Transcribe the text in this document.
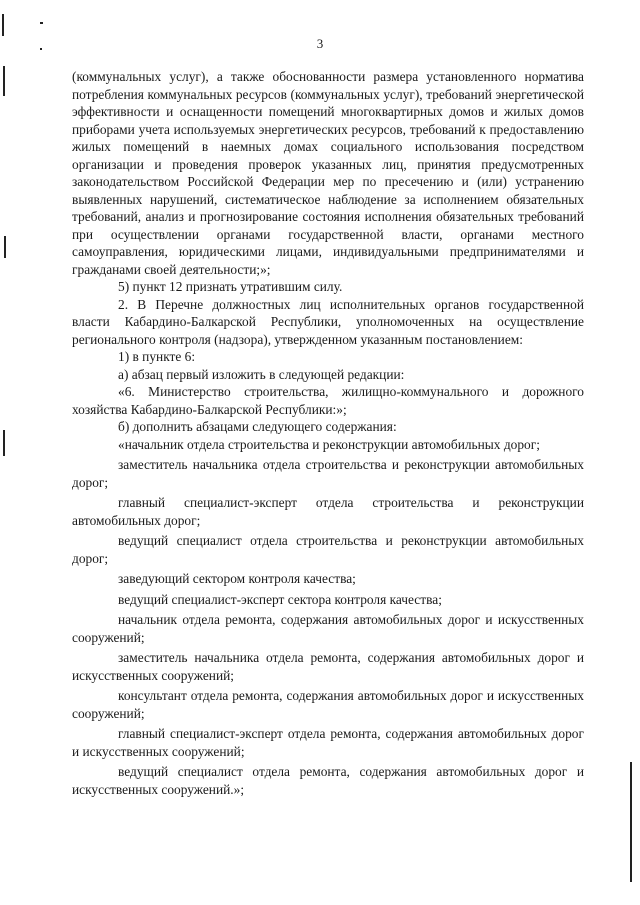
3

(коммунальных услуг), а также обоснованности размера установленного норматива потребления коммунальных ресурсов (коммунальных услуг), требований энергетической эффективности и оснащенности помещений многоквартирных домов и жилых домов приборами учета используемых энергетических ресурсов, требований к предоставлению жилых помещений в наемных домах социального использования посредством организации и проведения проверок указанных лиц, принятия предусмотренных законодательством Российской Федерации мер по пресечению и (или) устранению выявленных нарушений, систематическое наблюдение за исполнением обязательных требований, анализ и прогнозирование состояния исполнения обязательных требований при осуществлении органами государственной власти, органами местного самоуправления, юридическими лицами, индивидуальными предпринимателями и гражданами своей деятельности;»;

5) пункт 12 признать утратившим силу.

2. В Перечне должностных лиц исполнительных органов государственной власти Кабардино-Балкарской Республики, уполномоченных на осуществление регионального контроля (надзора), утвержденном указанным постановлением:

1) в пункте 6:

а) абзац первый изложить в следующей редакции:

«6. Министерство строительства, жилищно-коммунального и дорожного хозяйства Кабардино-Балкарской Республики:»;

б) дополнить абзацами следующего содержания:

«начальник отдела строительства и реконструкции автомобильных дорог;

заместитель начальника отдела строительства и реконструкции автомобильных дорог;

главный специалист-эксперт отдела строительства и реконструкции автомобильных дорог;

ведущий специалист отдела строительства и реконструкции автомобильных дорог;

заведующий сектором контроля качества;

ведущий специалист-эксперт сектора контроля качества;

начальник отдела ремонта, содержания автомобильных дорог и искусственных сооружений;

заместитель начальника отдела ремонта, содержания автомобильных дорог и искусственных сооружений;

консультант отдела ремонта, содержания автомобильных дорог и искусственных сооружений;

главный специалист-эксперт отдела ремонта, содержания автомобильных дорог и искусственных сооружений;

ведущий специалист отдела ремонта, содержания автомобильных дорог и искусственных сооружений.»;
